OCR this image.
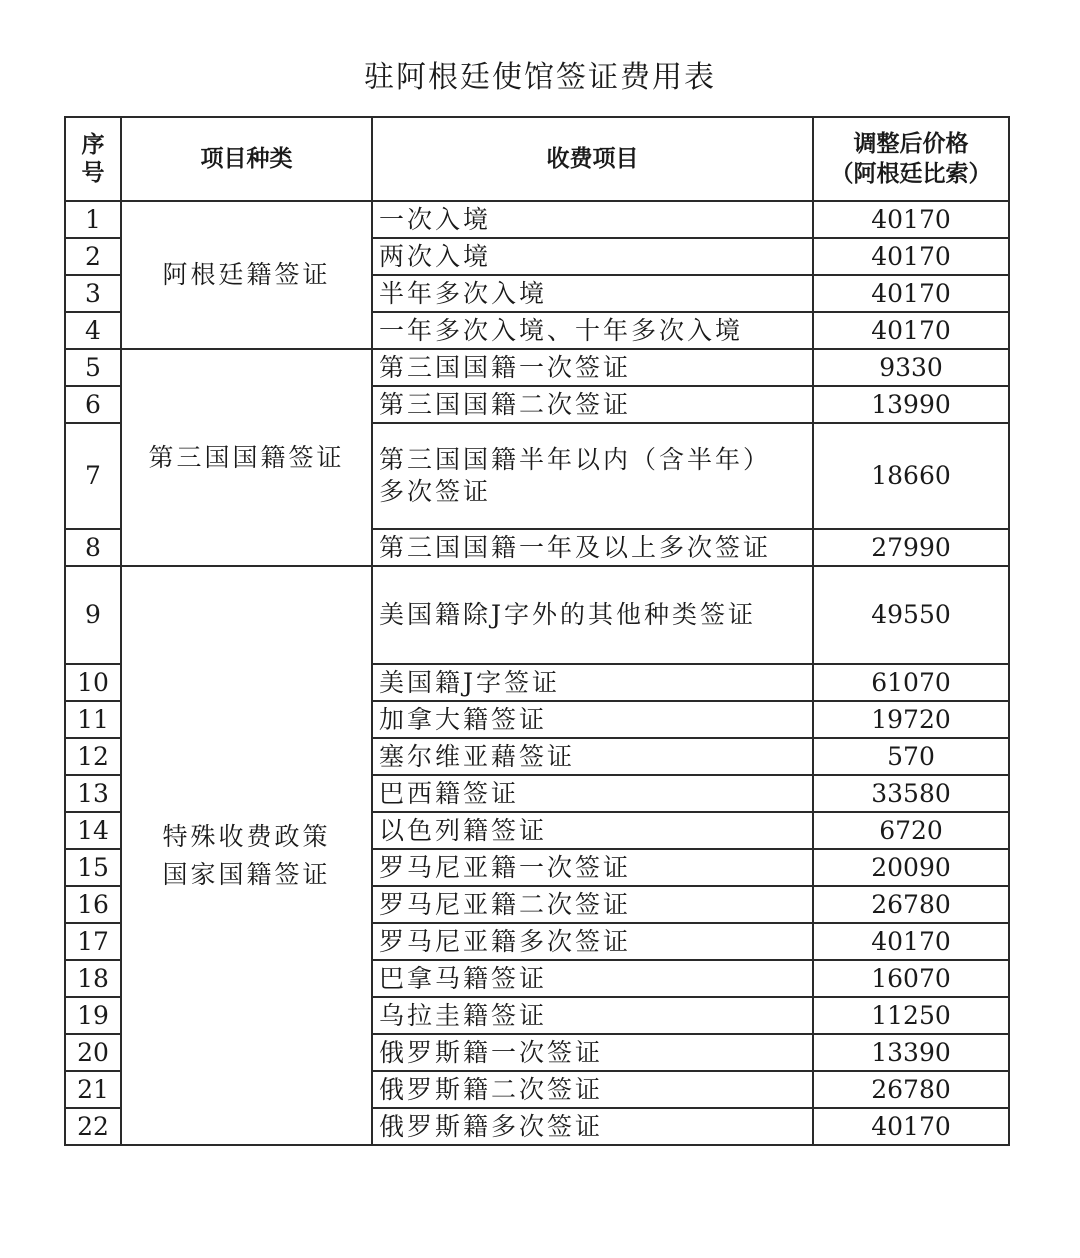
驻阿根廷使馆签证费用表
序号	项目种类	收费项目	调整后价格
（阿根廷比索）

1	阿根廷籍签证	一次入境	40170
2		两次入境	40170
3		半年多次入境	40170
4		一年多次入境、十年多次入境	40170
5	第三国国籍签证	第三国国籍一次签证	9330
6		第三国国籍二次签证	13990
7		第三国国籍半年以内（含半年）
多次签证	18660
8		第三国国籍一年及以上多次签证	27990
9	特殊收费政策
国家国籍签证	美国籍除J字外的其他种类签证	49550
10		美国籍J字签证	61070
11		加拿大籍签证	19720
12		塞尔维亚藉签证	570
13		巴西籍签证	33580
14		以色列籍签证	6720
15		罗马尼亚籍一次签证	20090
16		罗马尼亚籍二次签证	26780
17		罗马尼亚籍多次签证	40170
18		巴拿马籍签证	16070
19		乌拉圭籍签证	11250
20		俄罗斯籍一次签证	13390
21		俄罗斯籍二次签证	26780
22		俄罗斯籍多次签证	40170
